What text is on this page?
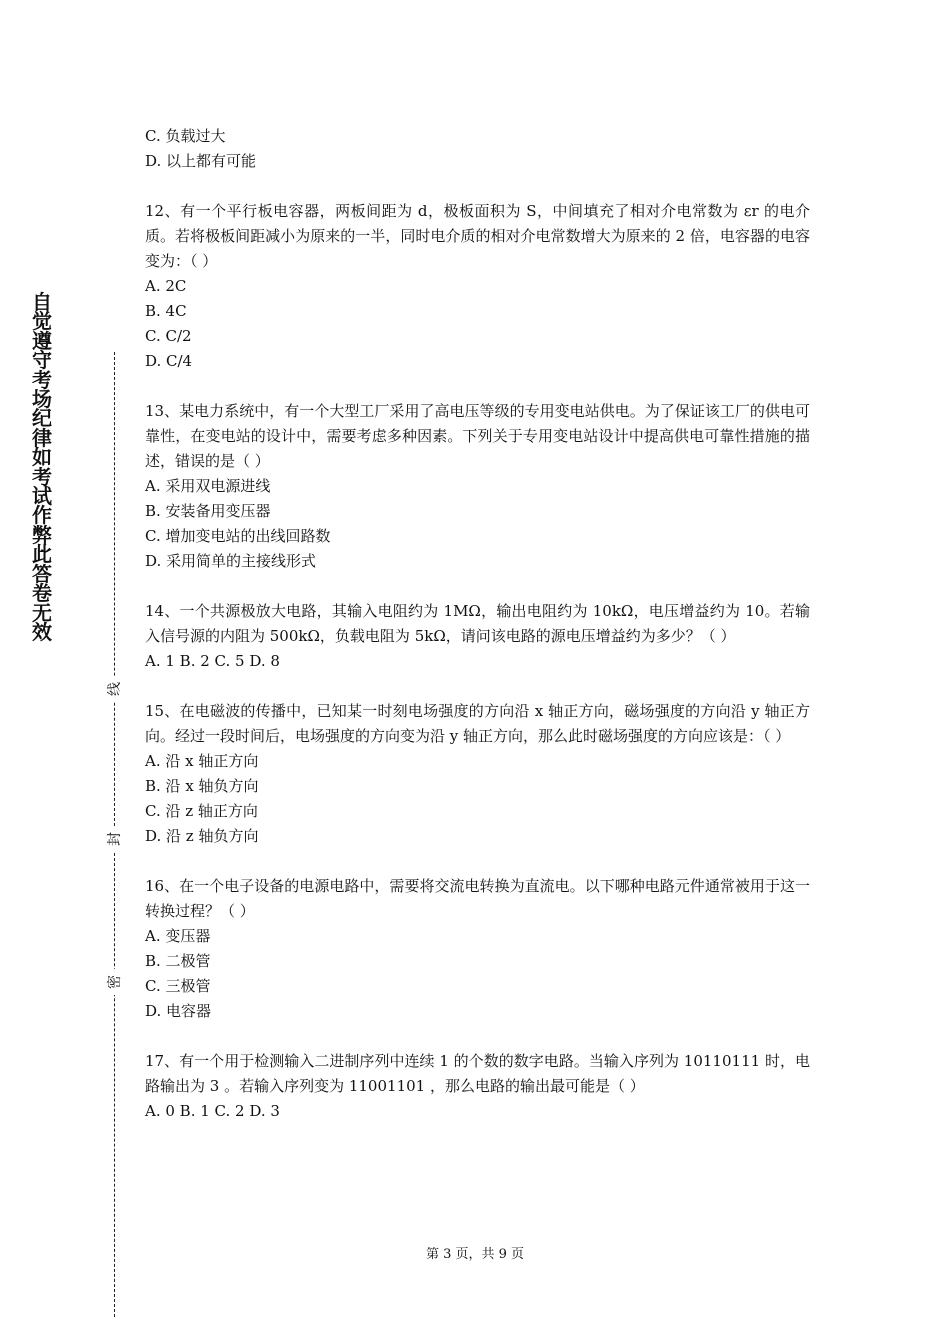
自觉遵守考场纪律如考试作弊此答卷无效
线
封
密
C. 负载过大
D. 以上都有可能
12、有一个平行板电容器，两板间距为 d，极板面积为 S，中间填充了相对介电常数为 εr 的电介质。若将极板间距减小为原来的一半，同时电介质的相对介电常数增大为原来的 2 倍，电容器的电容变为：（ ）
A. 2C
B. 4C
C. C/2
D. C/4
13、某电力系统中，有一个大型工厂采用了高电压等级的专用变电站供电。为了保证该工厂的供电可靠性，在变电站的设计中，需要考虑多种因素。下列关于专用变电站设计中提高供电可靠性措施的描述，错误的是（ ）
A. 采用双电源进线
B. 安装备用变压器
C. 增加变电站的出线回路数
D. 采用简单的主接线形式
14、一个共源极放大电路，其输入电阻约为 1MΩ，输出电阻约为 10kΩ，电压增益约为 10。若输入信号源的内阻为 500kΩ，负载电阻为 5kΩ，请问该电路的源电压增益约为多少？（ ）
A. 1 B. 2 C. 5 D. 8
15、在电磁波的传播中，已知某一时刻电场强度的方向沿 x 轴正方向，磁场强度的方向沿 y 轴正方向。经过一段时间后，电场强度的方向变为沿 y 轴正方向，那么此时磁场强度的方向应该是：（ ）
A. 沿 x 轴正方向
B. 沿 x 轴负方向
C. 沿 z 轴正方向
D. 沿 z 轴负方向
16、在一个电子设备的电源电路中，需要将交流电转换为直流电。以下哪种电路元件通常被用于这一转换过程？（ ）
A. 变压器
B. 二极管
C. 三极管
D. 电容器
17、有一个用于检测输入二进制序列中连续 1 的个数的数字电路。当输入序列为 10110111 时，电路输出为 3 。若输入序列变为 11001101 ，那么电路的输出最可能是（ ）
A. 0 B. 1 C. 2 D. 3
第 3 页，共 9 页
